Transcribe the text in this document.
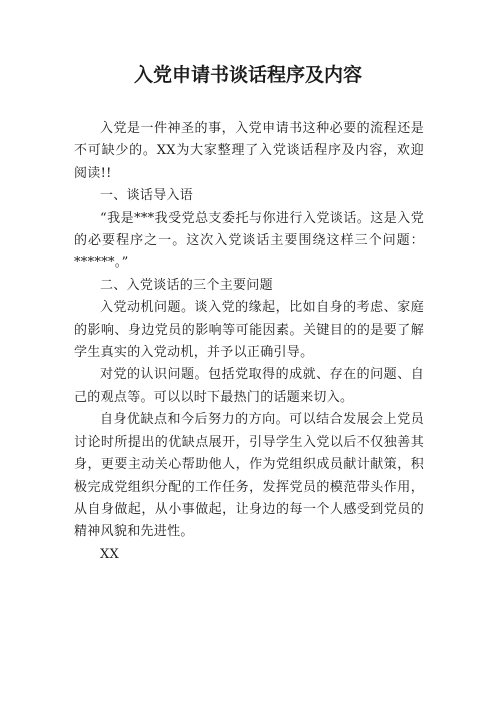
入党申请书谈话程序及内容

入党是一件神圣的事，入党申请书这种必要的流程还是不可缺少的。XX为大家整理了入党谈话程序及内容，欢迎阅读!!

一、谈话导入语

“我是***我受党总支委托与你进行入党谈话。这是入党的必要程序之一。这次入党谈话主要围绕这样三个问题：******。”

二、入党谈话的三个主要问题

入党动机问题。谈入党的缘起，比如自身的考虑、家庭的影响、身边党员的影响等可能因素。关键目的的是要了解学生真实的入党动机，并予以正确引导。

对党的认识问题。包括党取得的成就、存在的问题、自己的观点等。可以以时下最热门的话题来切入。

自身优缺点和今后努力的方向。可以结合发展会上党员讨论时所提出的优缺点展开，引导学生入党以后不仅独善其身，更要主动关心帮助他人，作为党组织成员献计献策，积极完成党组织分配的工作任务，发挥党员的模范带头作用，从自身做起，从小事做起，让身边的每一个人感受到党员的精神风貌和先进性。

XX
